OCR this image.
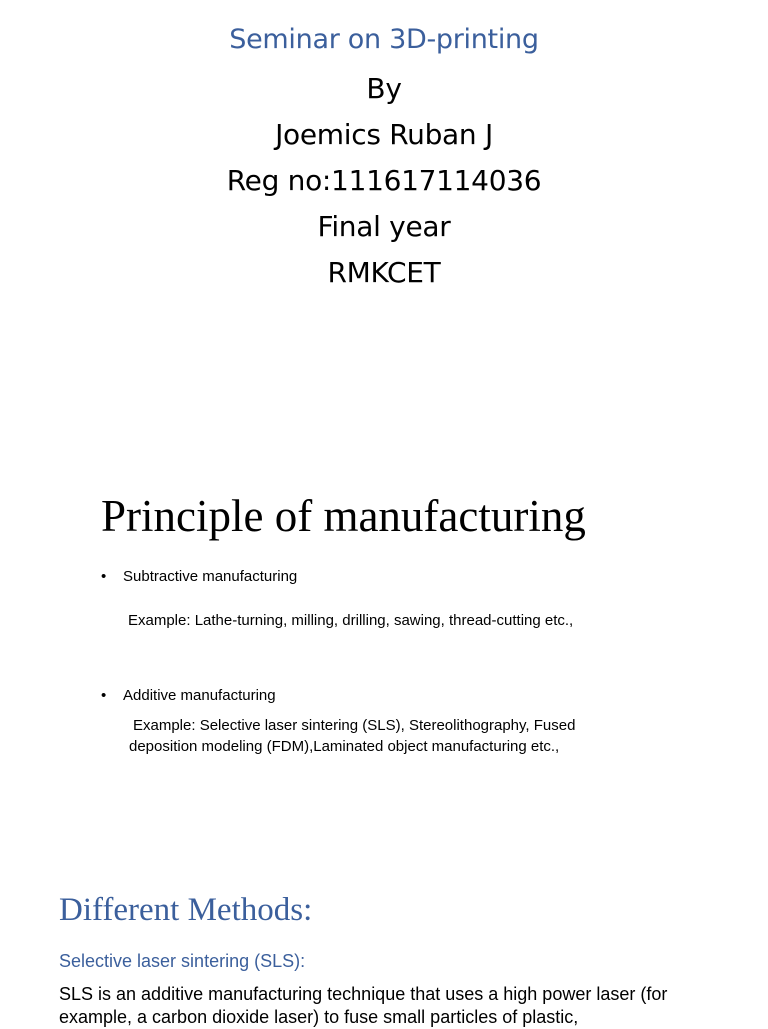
Seminar on 3D-printing
By
Joemics Ruban J
Reg no:111617114036
Final year
RMKCET
Principle of manufacturing
• Subtractive manufacturing
Example: Lathe-turning, milling, drilling, sawing, thread-cutting etc.,
• Additive manufacturing
Example: Selective laser sintering (SLS), Stereolithography, Fused
deposition modeling (FDM),Laminated object manufacturing etc.,
Different Methods:
Selective laser sintering (SLS):
SLS is an additive manufacturing technique that uses a high power laser (for example, a carbon dioxide laser) to fuse small particles of plastic,
